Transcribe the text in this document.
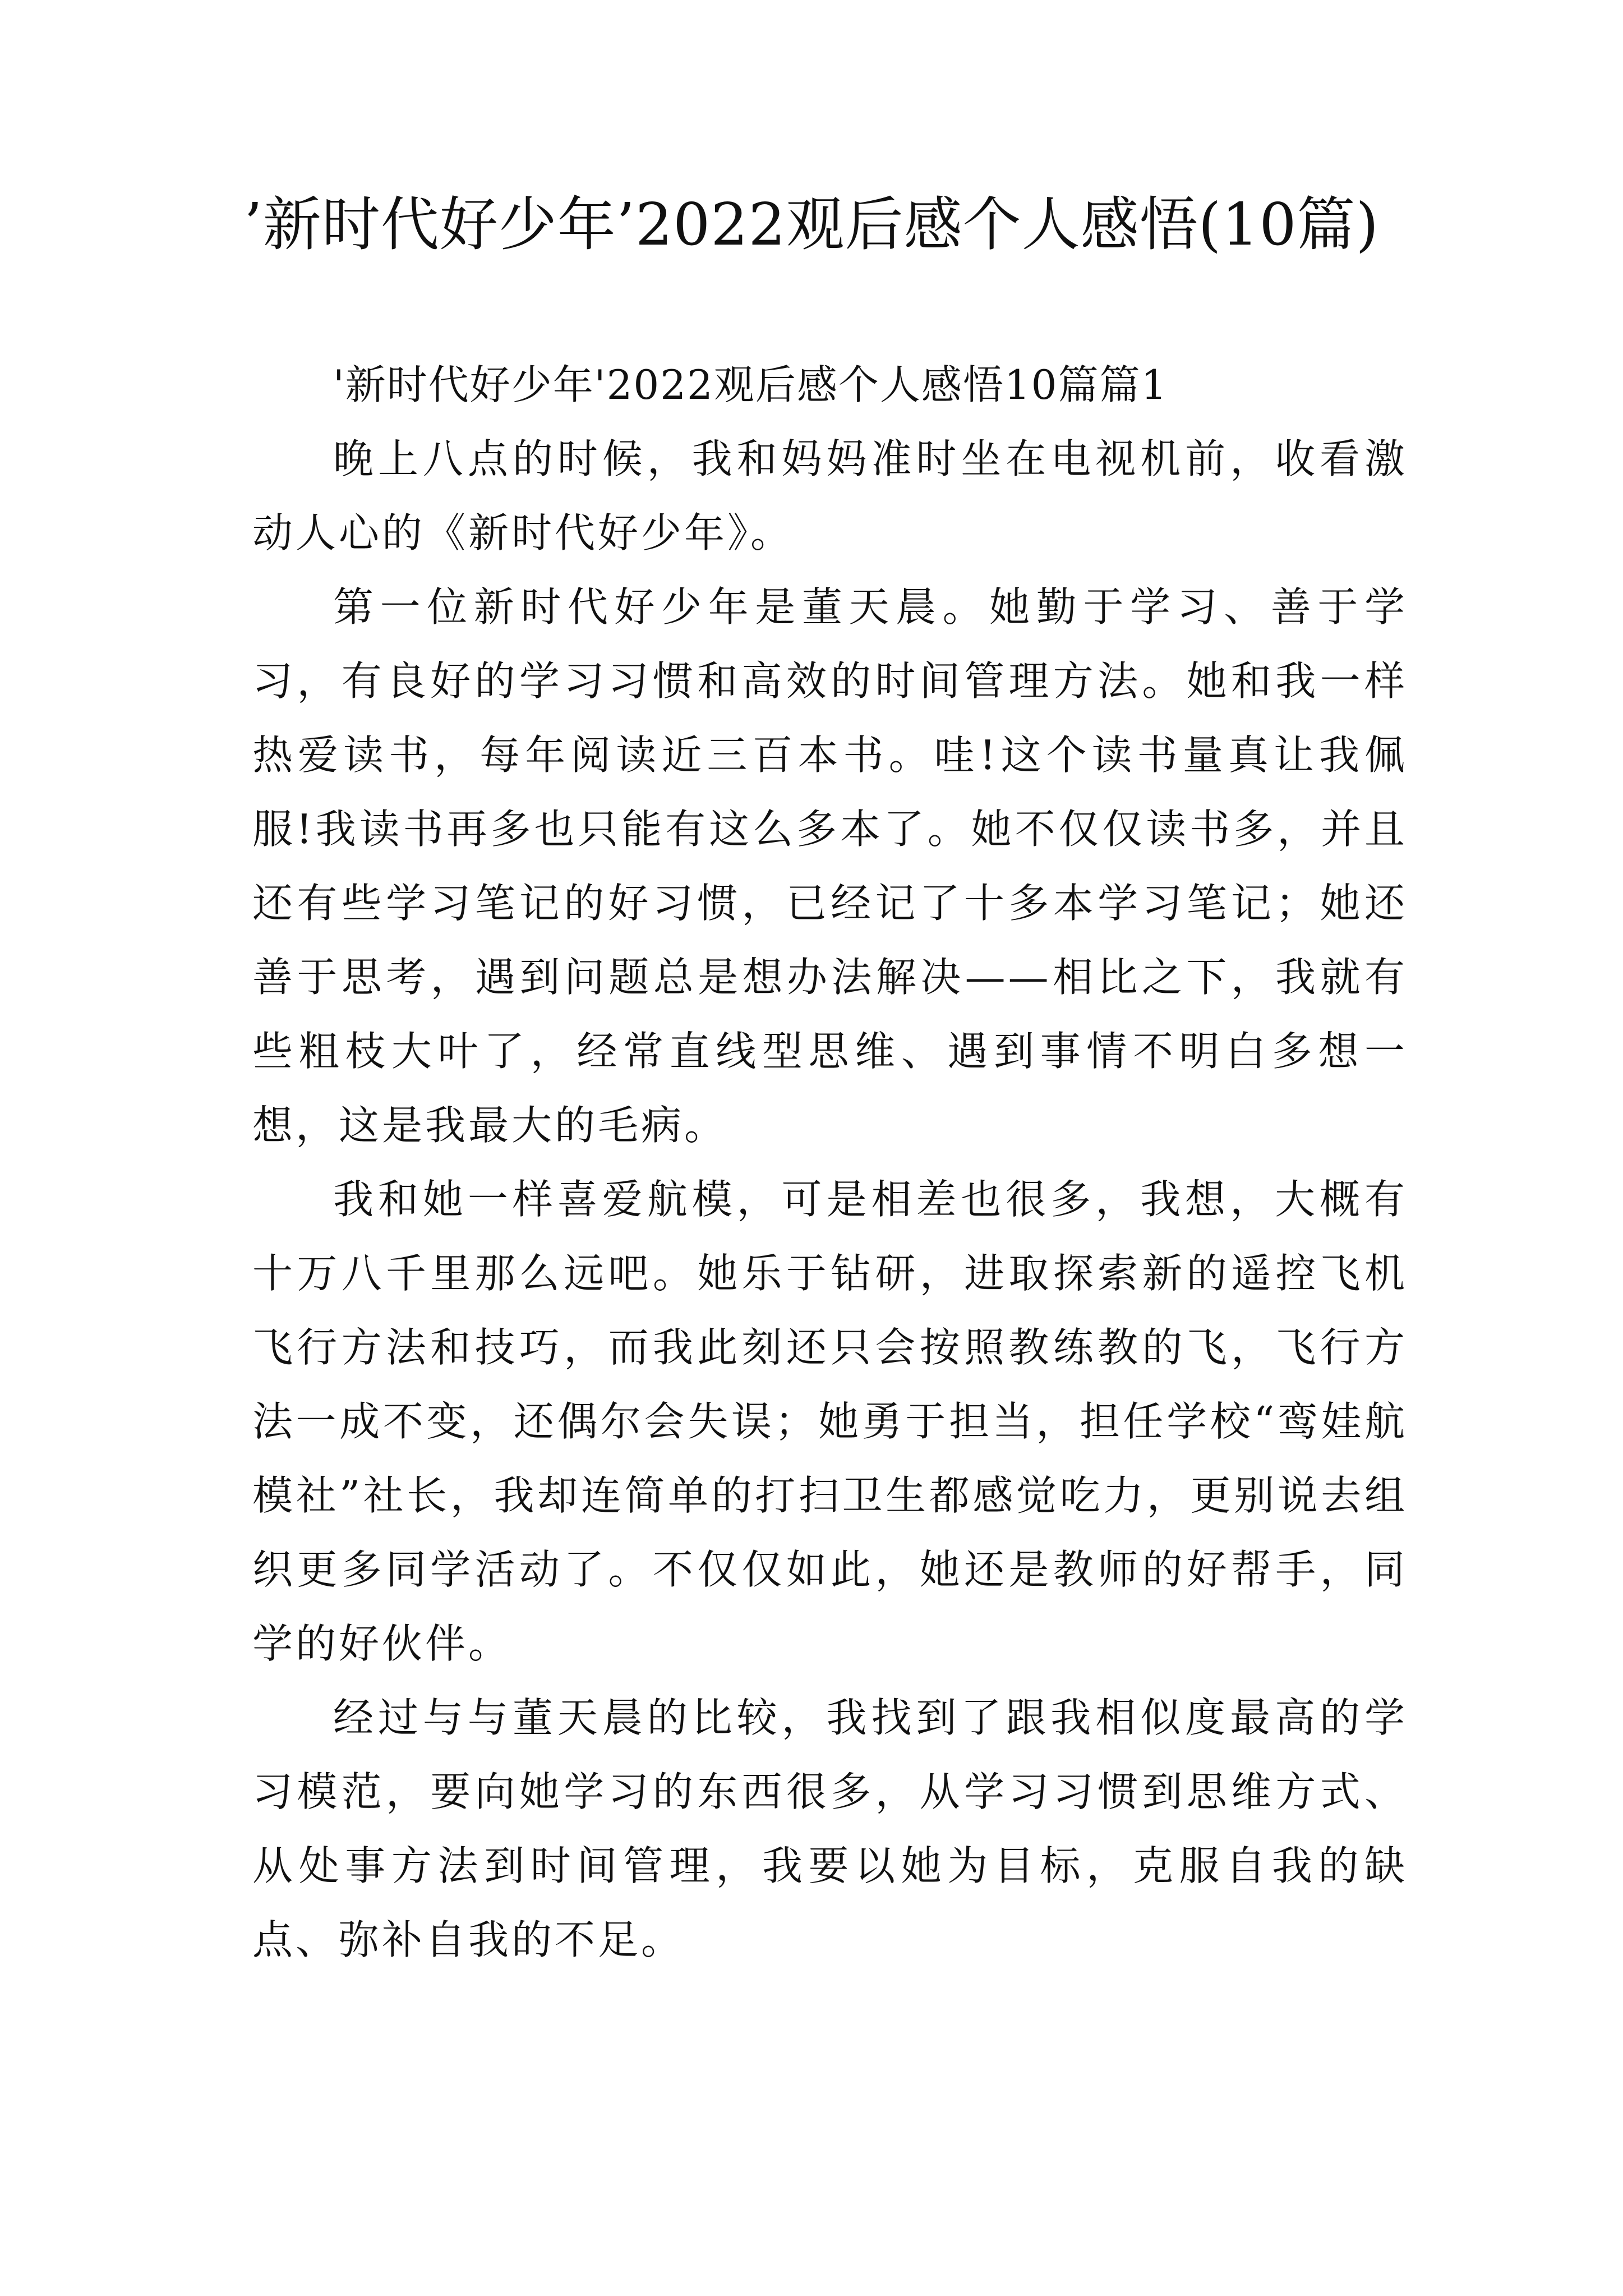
’新时代好少年’2022观后感个人感悟(10篇)

'新时代好少年'2022观后感个人感悟10篇篇1

晚上八点的时候，我和妈妈准时坐在电视机前，收看激动人心的《新时代好少年》。

第一位新时代好少年是董天晨。她勤于学习、善于学习，有良好的学习习惯和高效的时间管理方法。她和我一样热爱读书，每年阅读近三百本书。哇!这个读书量真让我佩服!我读书再多也只能有这么多本了。她不仅仅读书多，并且还有些学习笔记的好习惯，已经记了十多本学习笔记；她还善于思考，遇到问题总是想办法解决——相比之下，我就有些粗枝大叶了，经常直线型思维、遇到事情不明白多想一想，这是我最大的毛病。

我和她一样喜爱航模，可是相差也很多，我想，大概有十万八千里那么远吧。她乐于钻研，进取探索新的遥控飞机飞行方法和技巧，而我此刻还只会按照教练教的飞，飞行方法一成不变，还偶尔会失误；她勇于担当，担任学校“鸾娃航模社”社长，我却连简单的打扫卫生都感觉吃力，更别说去组织更多同学活动了。不仅仅如此，她还是教师的好帮手，同学的好伙伴。

经过与与董天晨的比较，我找到了跟我相似度最高的学习模范，要向她学习的东西很多，从学习习惯到思维方式、从处事方法到时间管理，我要以她为目标，克服自我的缺点、弥补自我的不足。
